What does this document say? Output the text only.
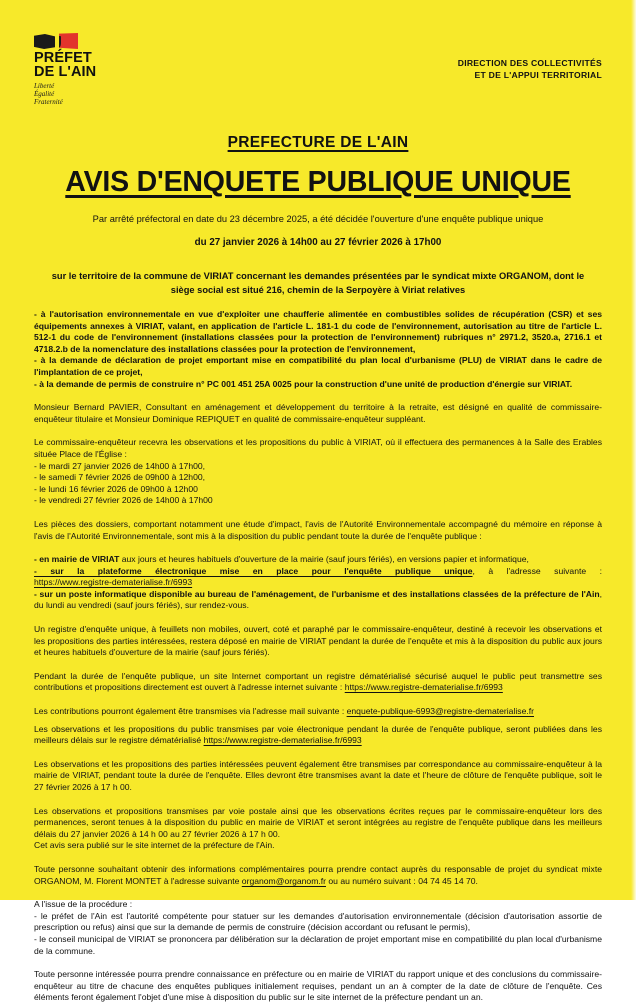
PRÉFET
DE L'AIN
Liberté
Égalité
Fraternité
DIRECTION DES COLLECTIVITÉS
ET DE L'APPUI TERRITORIAL
PREFECTURE DE L'AIN
AVIS D'ENQUETE PUBLIQUE UNIQUE
Par arrêté préfectoral en date du 23 décembre 2025, a été décidée l'ouverture d'une enquête publique unique
du 27 janvier 2026 à 14h00 au 27 février 2026 à 17h00
sur le territoire de la commune de VIRIAT concernant les demandes présentées par le syndicat mixte ORGANOM, dont le siège social est situé 216, chemin de la Serpoyère à Viriat relatives

- à l'autorisation environnementale en vue d'exploiter une chaufferie alimentée en combustibles solides de récupération (CSR) et ses équipements annexes à VIRIAT, valant, en application de l'article L. 181-1 du code de l'environnement, autorisation au titre de l'article L. 512-1 du code de l'environnement (installations classées pour la protection de l'environnement) rubriques n° 2971.2, 3520.a, 2716.1 et 4718.2.b de la nomenclature des installations classées pour la protection de l'environnement,

- à la demande de déclaration de projet emportant mise en compatibilité du plan local d'urbanisme (PLU) de VIRIAT dans le cadre de l'implantation de ce projet,

- à la demande de permis de construire n° PC 001 451 25A 0025 pour la construction d'une unité de production d'énergie sur VIRIAT.

Monsieur Bernard PAVIER, Consultant en aménagement et développement du territoire à la retraite, est désigné en qualité de commissaire-enquêteur titulaire et Monsieur Dominique REPIQUET en qualité de commissaire-enquêteur suppléant.

Le commissaire-enquêteur recevra les observations et les propositions du public à VIRIAT, où il effectuera des permanences à la Salle des Erables située Place de l'Église :

- le mardi 27 janvier 2026 de 14h00 à 17h00,

- le samedi 7 février 2026 de 09h00 à 12h00,

- le lundi 16 février 2026 de 09h00 à 12h00

- le vendredi 27 février 2026 de 14h00 à 17h00

Les pièces des dossiers, comportant notamment une étude d'impact, l'avis de l'Autorité Environnementale accompagné du mémoire en réponse à l'avis de l'Autorité Environnementale, sont mis à la disposition du public pendant toute la durée de l'enquête publique :

- en mairie de VIRIAT aux jours et heures habituels d'ouverture de la mairie (sauf jours fériés), en versions papier et informatique,

- sur la plateforme électronique mise en place pour l'enquête publique unique, à l'adresse suivante :

https://www.registre-dematerialise.fr/6993

- sur un poste informatique disponible au bureau de l'aménagement, de l'urbanisme et des installations classées de la préfecture de l'Ain, du lundi au vendredi (sauf jours fériés), sur rendez-vous.

Un registre d'enquête unique, à feuillets non mobiles, ouvert, coté et paraphé par le commissaire-enquêteur, destiné à recevoir les observations et les propositions des parties intéressées, restera déposé en mairie de VIRIAT pendant la durée de l'enquête et mis à la disposition du public aux jours et heures habituels d'ouverture de la mairie (sauf jours fériés).

Pendant la durée de l'enquête publique, un site Internet comportant un registre dématérialisé sécurisé auquel le public peut transmettre ses contributions et propositions directement est ouvert à l'adresse internet suivante : https://www.registre-dematerialise.fr/6993

Les contributions pourront également être transmises via l'adresse mail suivante : enquete-publique-6993@registre-dematerialise.fr

Les observations et les propositions du public transmises par voie électronique pendant la durée de l'enquête publique, seront publiées dans les meilleurs délais sur le registre dématérialisé https://www.registre-dematerialise.fr/6993

Les observations et les propositions des parties intéressées peuvent également être transmises par correspondance au commissaire-enquêteur à la mairie de VIRIAT, pendant toute la durée de l'enquête. Elles devront être transmises avant la date et l'heure de clôture de l'enquête publique, soit le 27 février 2026 à 17 h 00.

Les observations et propositions transmises par voie postale ainsi que les observations écrites reçues par le commissaire-enquêteur lors des permanences, seront tenues à la disposition du public en mairie de VIRIAT et seront intégrées au registre de l'enquête publique dans les meilleurs délais du 27 janvier 2026 à 14 h 00 au 27 février 2026 à 17 h 00.

Cet avis sera publié sur le site internet de la préfecture de l'Ain.

Toute personne souhaitant obtenir des informations complémentaires pourra prendre contact auprès du responsable de projet du syndicat mixte ORGANOM, M. Florent MONTET à l'adresse suivante organom@organom.fr ou au numéro suivant : 04 74 45 14 70.

A l'issue de la procédure :

- le préfet de l'Ain est l'autorité compétente pour statuer sur les demandes d'autorisation environnementale (décision d'autorisation assortie de prescription ou refus) ainsi que sur la demande de permis de construire (décision accordant ou refusant le permis),

- le conseil municipal de VIRIAT se prononcera par délibération sur la déclaration de projet emportant mise en compatibilité du plan local d'urbanisme de la commune.

Toute personne intéressée pourra prendre connaissance en préfecture ou en mairie de VIRIAT du rapport unique et des conclusions du commissaire-enquêteur au titre de chacune des enquêtes publiques initialement requises, pendant un an à compter de la date de clôture de l'enquête. Ces éléments feront également l'objet d'une mise à disposition du public sur le site internet de la préfecture pendant un an.
